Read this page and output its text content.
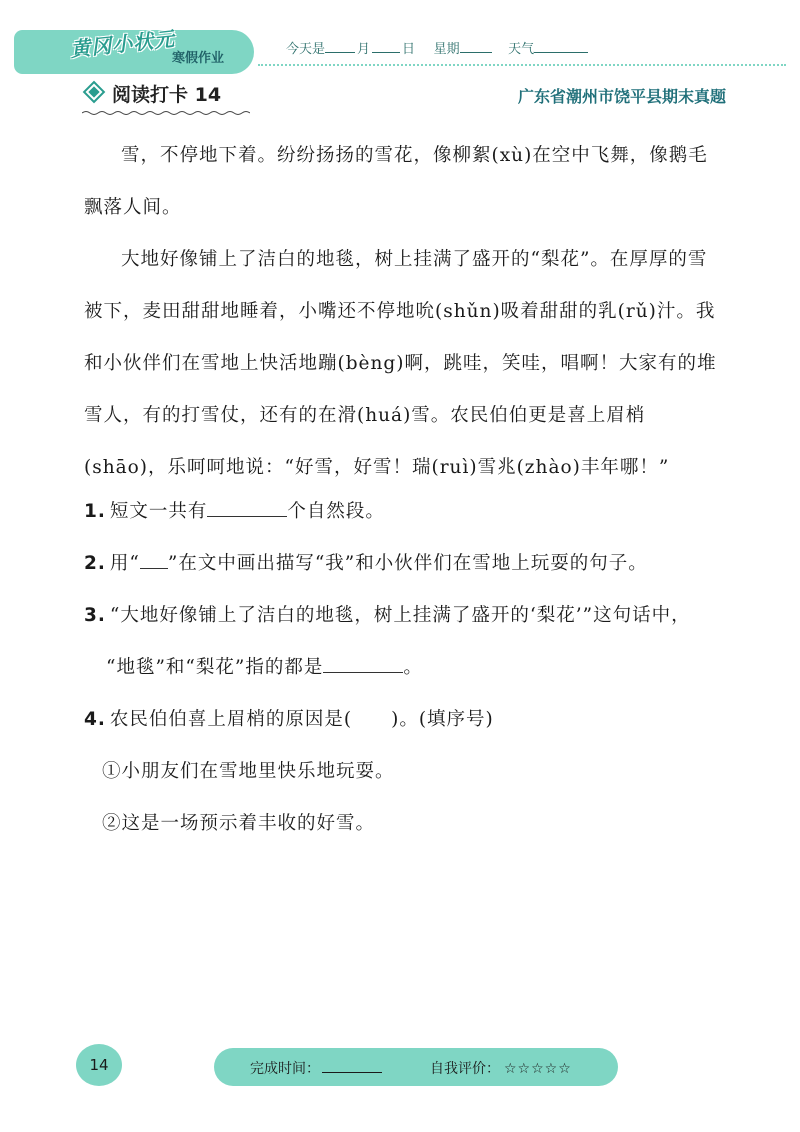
黄冈小状元
寒假作业
今天是 月 日 星期	天气
阅读打卡 14	广东省潮州市饶平县期末真题

雪，不停地下着。纷纷扬扬的雪花，像柳絮(xù)在空中飞舞，像鹅毛飘落人间。

大地好像铺上了洁白的地毯，树上挂满了盛开的“梨花”。在厚厚的雪被下，麦田甜甜地睡着，小嘴还不停地吮(shǔn)吸着甜甜的乳(rǔ)汁。我和小伙伴们在雪地上快活地蹦(bèng)啊，跳哇，笑哇，唱啊！大家有的堆雪人，有的打雪仗，还有的在滑(huá)雪。农民伯伯更是喜上眉梢(shāo)，乐呵呵地说：“好雪，好雪！瑞(ruì)雪兆(zhào)丰年哪！”

1. 短文一共有	个自然段。
2. 用“ ”在文中画出描写“我”和小伙伴们在雪地上玩耍的句子。
3. “大地好像铺上了洁白的地毯，树上挂满了盛开的‘梨花’”这句话中，
“地毯”和“梨花”指的都是	。
4. 农民伯伯喜上眉梢的原因是(　　)。(填序号)
①小朋友们在雪地里快乐地玩耍。
②这是一场预示着丰收的好雪。
14	完成时间：	自我评价： ☆☆☆☆☆
